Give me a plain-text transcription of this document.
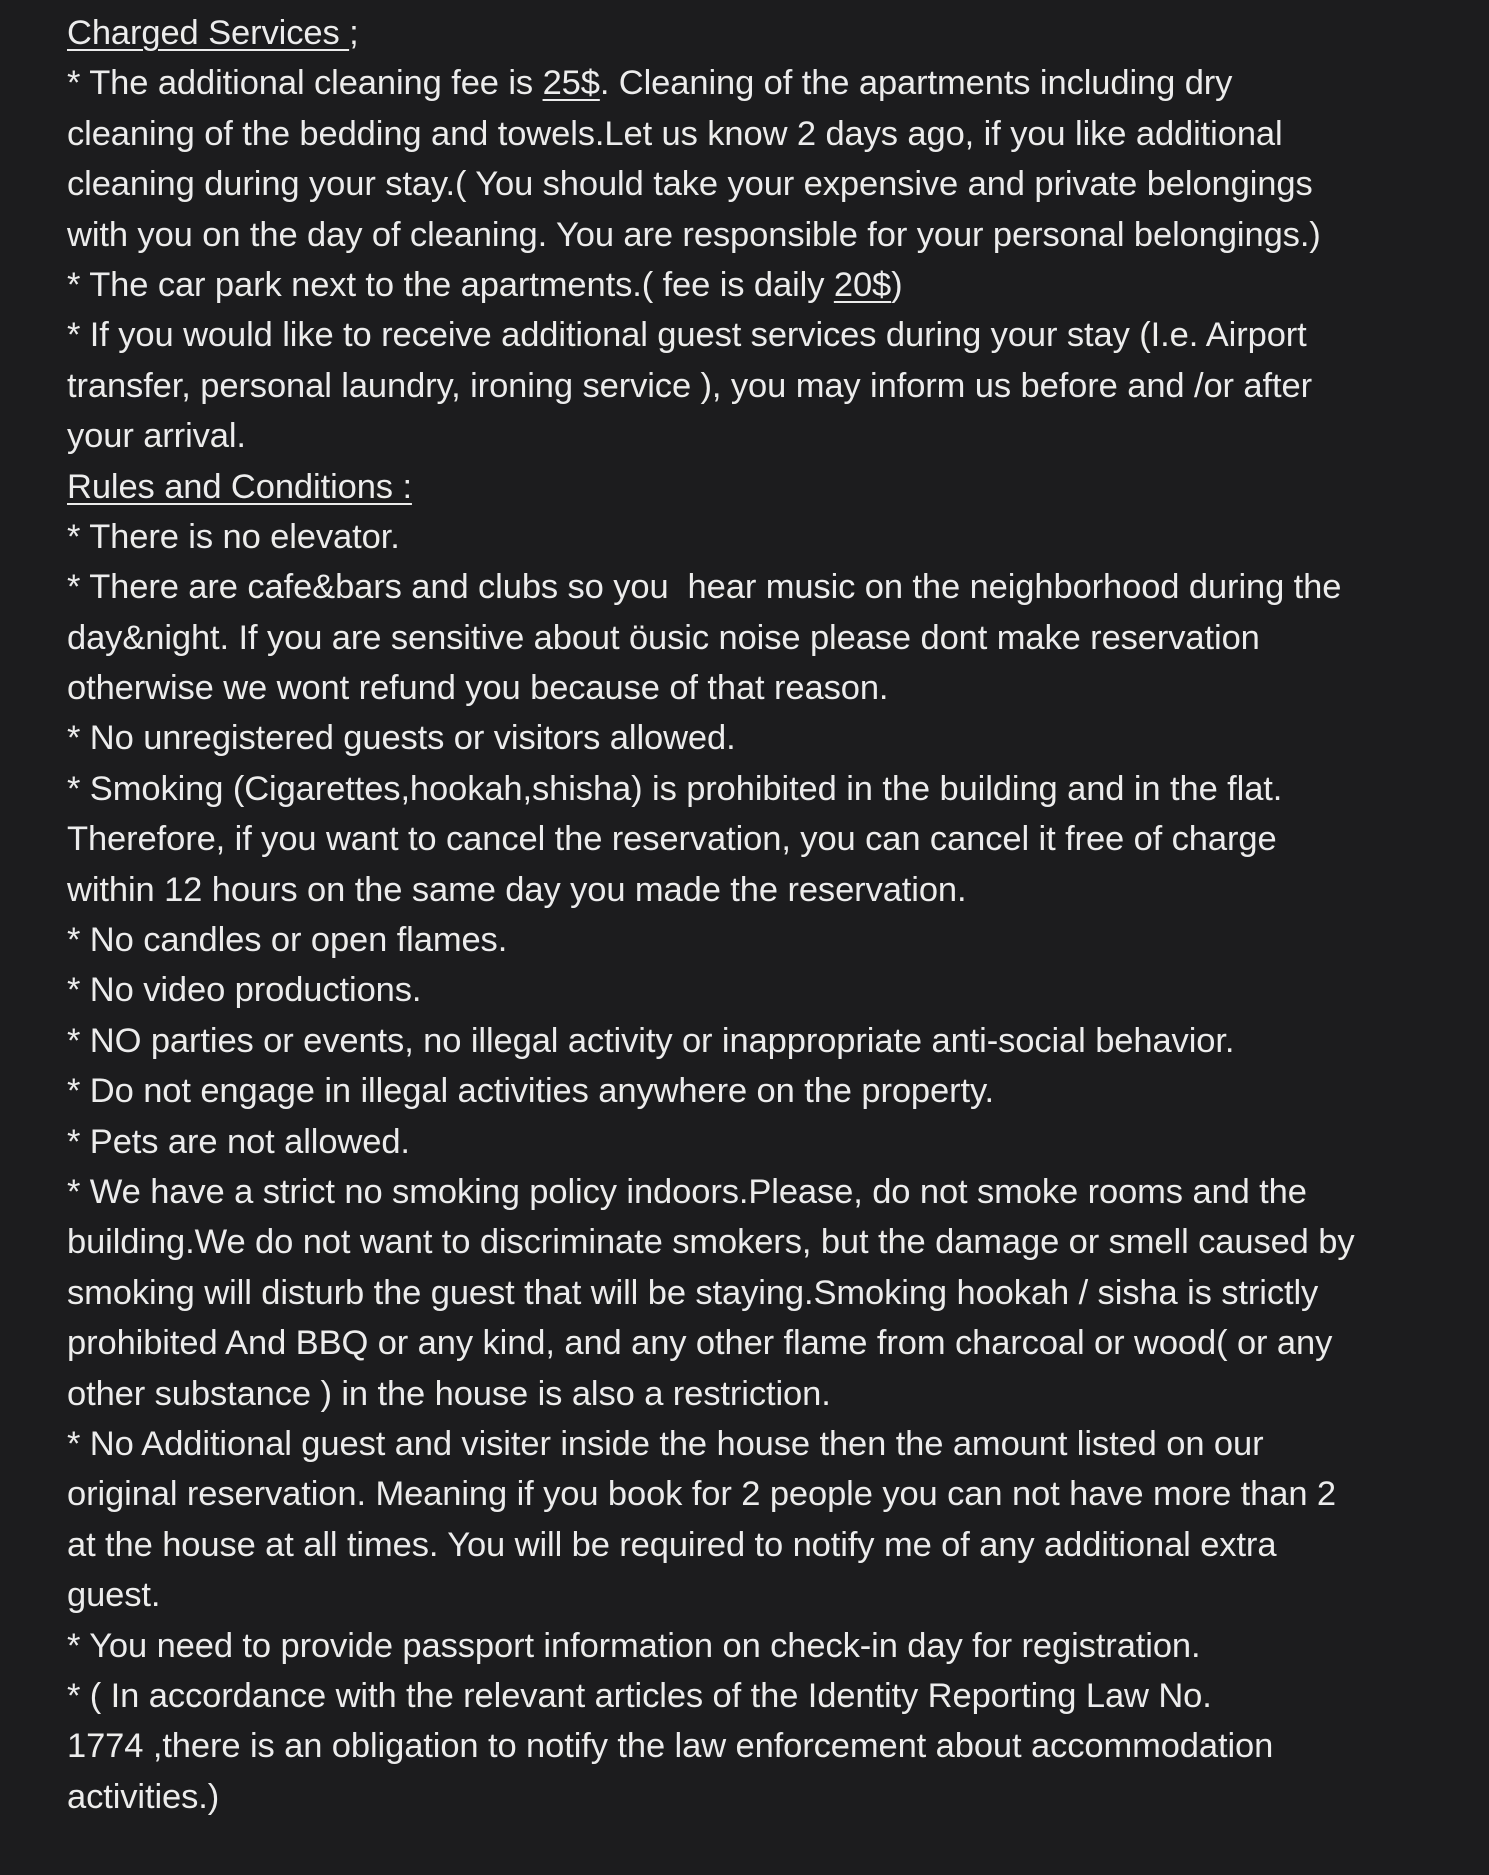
Charged Services ;
* The additional cleaning fee is 25$. Cleaning of the apartments including dry
cleaning of the bedding and towels.Let us know 2 days ago, if you like additional
cleaning during your stay.( You should take your expensive and private belongings
with you on the day of cleaning. You are responsible for your personal belongings.)
* The car park next to the apartments.( fee is daily 20$)
* If you would like to receive additional guest services during your stay (I.e. Airport
transfer, personal laundry, ironing service ), you may inform us before and /or after
your arrival.
Rules and Conditions :
* There is no elevator.
* There are cafe&bars and clubs so you  hear music on the neighborhood during the
day&night. If you are sensitive about öusic noise please dont make reservation
otherwise we wont refund you because of that reason.
* No unregistered guests or visitors allowed.
* Smoking (Cigarettes,hookah,shisha) is prohibited in the building and in the flat.
Therefore, if you want to cancel the reservation, you can cancel it free of charge
within 12 hours on the same day you made the reservation.
* No candles or open flames.
* No video productions.
* NO parties or events, no illegal activity or inappropriate anti-social behavior.
* Do not engage in illegal activities anywhere on the property.
* Pets are not allowed.
* We have a strict no smoking policy indoors.Please, do not smoke rooms and the
building.We do not want to discriminate smokers, but the damage or smell caused by
smoking will disturb the guest that will be staying.Smoking hookah / sisha is strictly
prohibited And BBQ or any kind, and any other flame from charcoal or wood( or any
other substance ) in the house is also a restriction.
* No Additional guest and visiter inside the house then the amount listed on our
original reservation. Meaning if you book for 2 people you can not have more than 2
at the house at all times. You will be required to notify me of any additional extra
guest.
* You need to provide passport information on check-in day for registration.
* ( In accordance with the relevant articles of the Identity Reporting Law No.
1774 ,there is an obligation to notify the law enforcement about accommodation
activities.)
